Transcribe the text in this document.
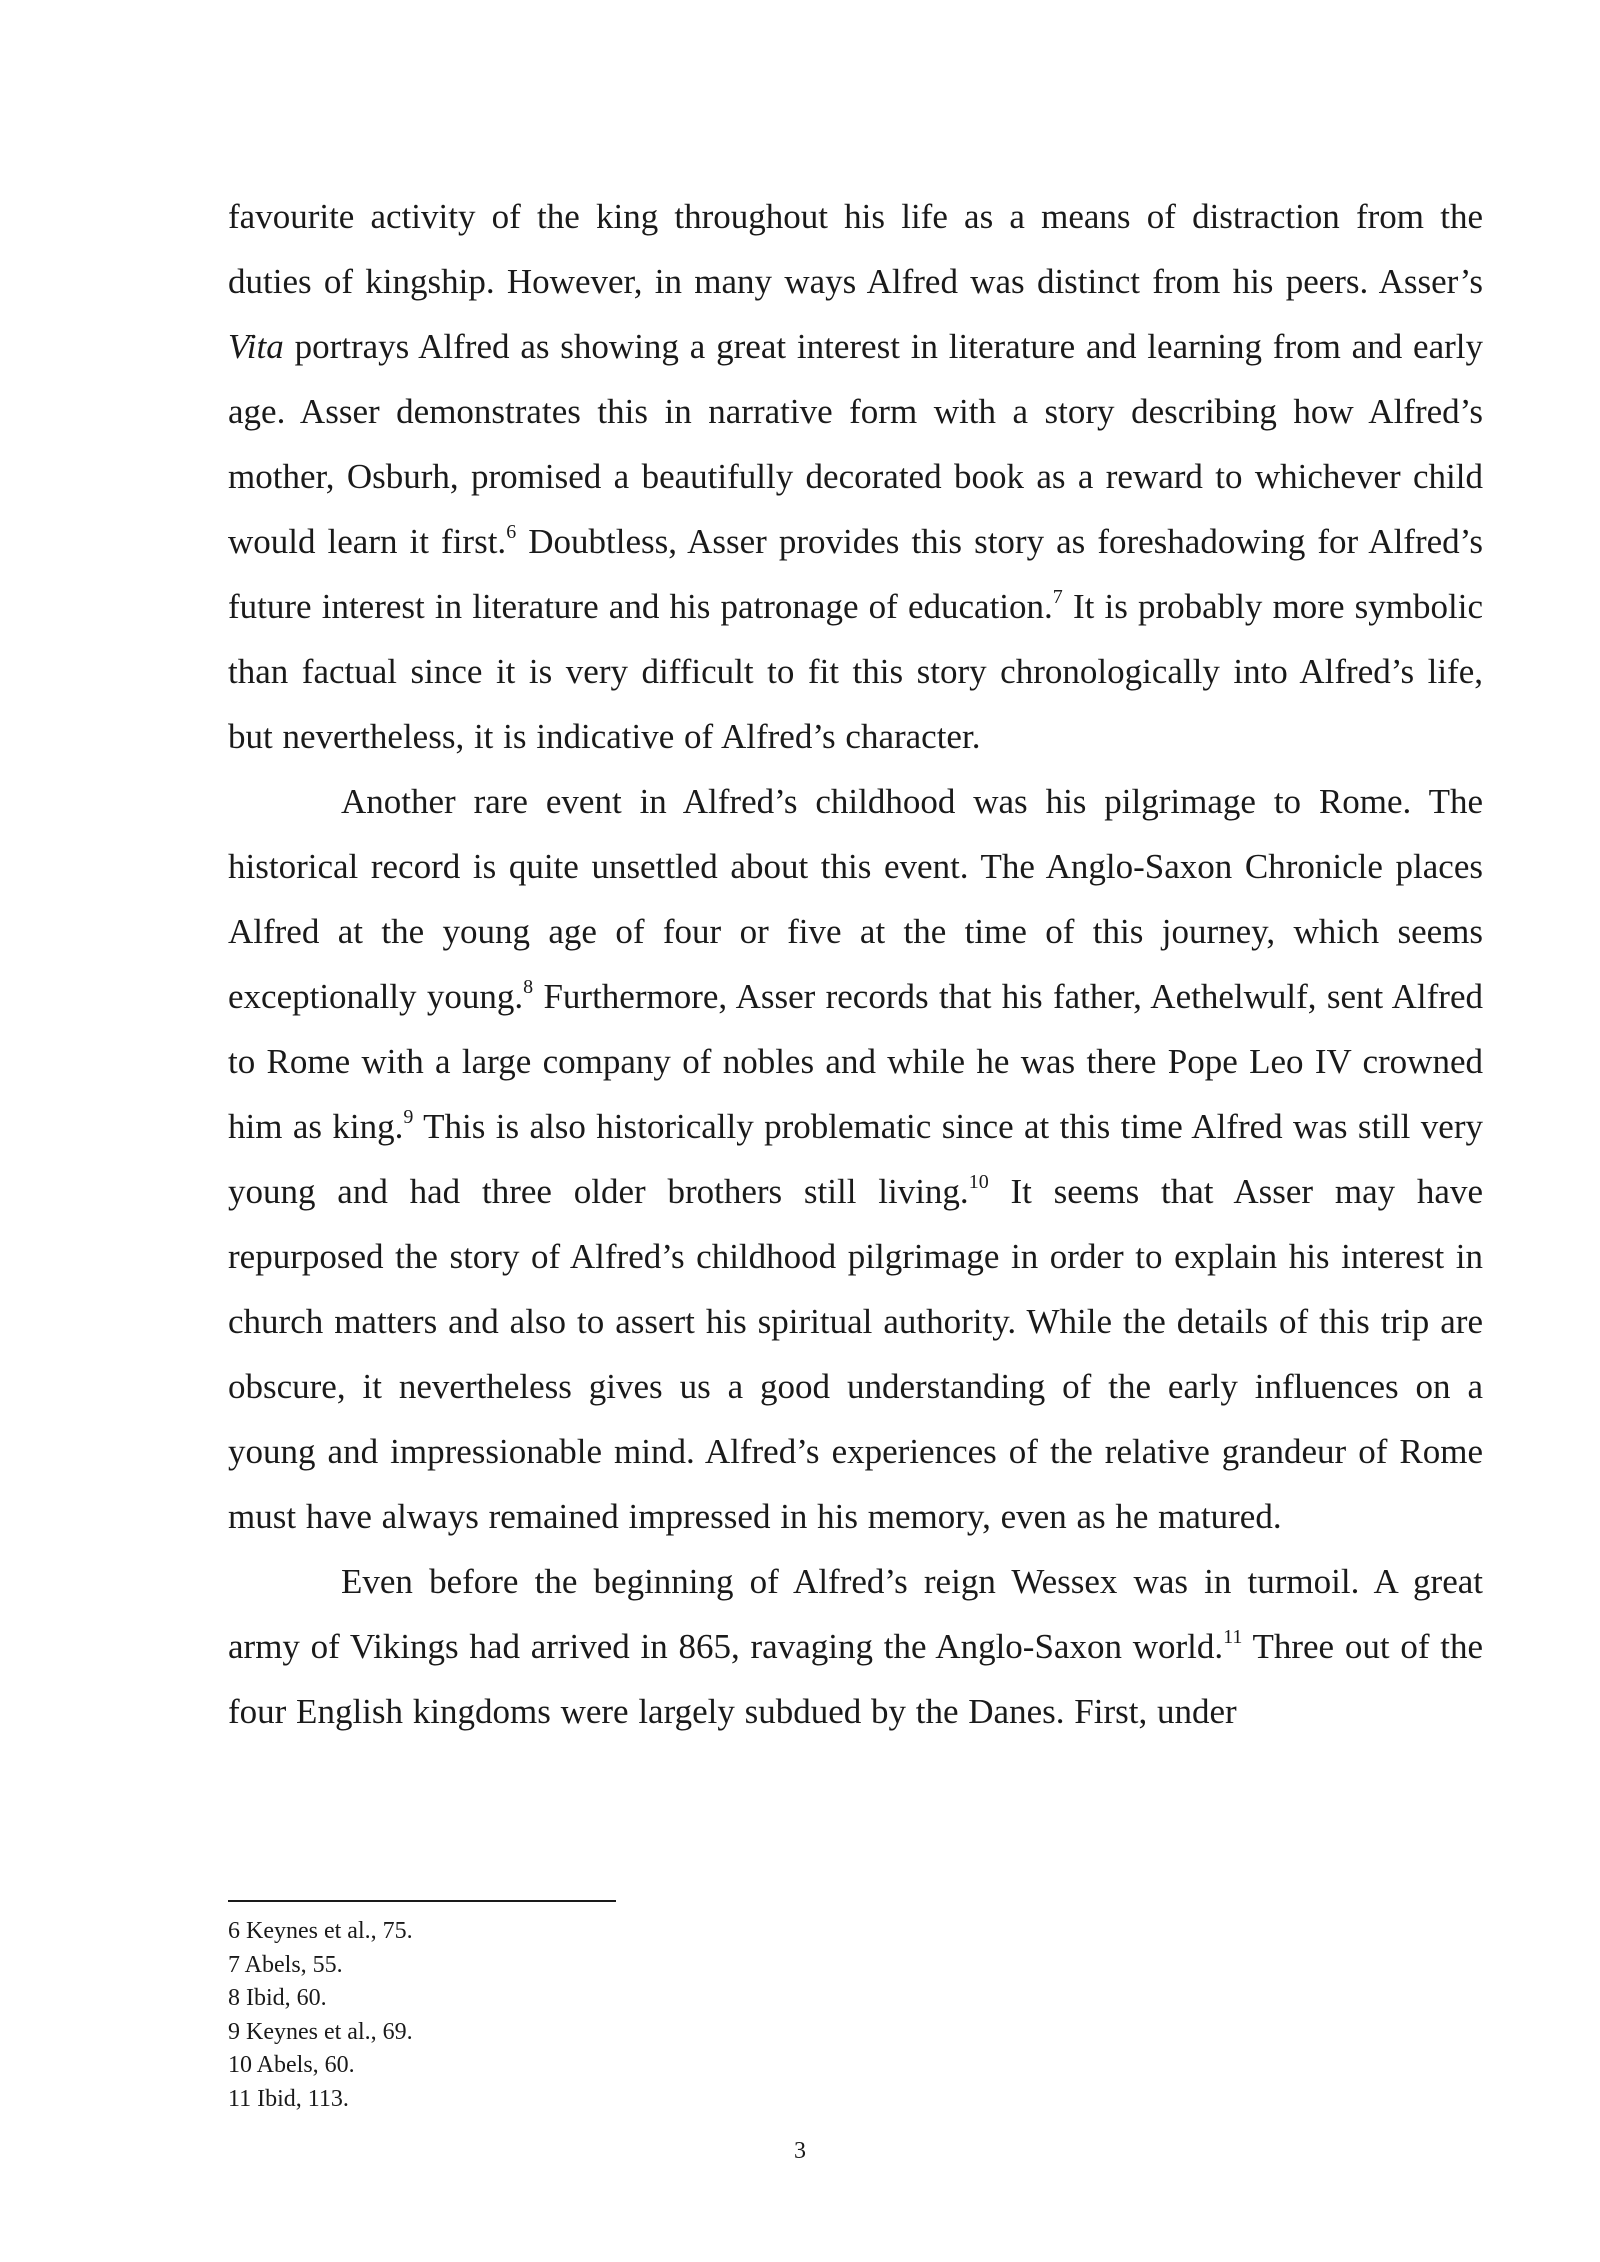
favourite activity of the king throughout his life as a means of distraction from the duties of kingship. However, in many ways Alfred was distinct from his peers. Asser’s Vita portrays Alfred as showing a great interest in literature and learning from and early age. Asser demonstrates this in narrative form with a story describing how Alfred’s mother, Osburh, promised a beautifully decorated book as a reward to whichever child would learn it first.$^6$ Doubtless, Asser provides this story as foreshadowing for Alfred’s future interest in literature and his patronage of education.$^7$ It is probably more symbolic than factual since it is very difficult to fit this story chronologically into Alfred’s life, but nevertheless, it is indicative of Alfred’s character.

Another rare event in Alfred’s childhood was his pilgrimage to Rome. The historical record is quite unsettled about this event. The Anglo-Saxon Chronicle places Alfred at the young age of four or five at the time of this journey, which seems exceptionally young.$^8$ Furthermore, Asser records that his father, Aethelwulf, sent Alfred to Rome with a large company of nobles and while he was there Pope Leo IV crowned him as king.$^9$ This is also historically problematic since at this time Alfred was still very young and had three older brothers still living.$^{10}$ It seems that Asser may have repurposed the story of Alfred’s childhood pilgrimage in order to explain his interest in church matters and also to assert his spiritual authority. While the details of this trip are obscure, it nevertheless gives us a good understanding of the early influences on a young and impressionable mind. Alfred’s experiences of the relative grandeur of Rome must have always remained impressed in his memory, even as he matured.

Even before the beginning of Alfred’s reign Wessex was in turmoil. A great army of Vikings had arrived in 865, ravaging the Anglo-Saxon world.$^{11}$ Three out of the four English kingdoms were largely subdued by the Danes. First, under

6 Keynes et al., 75.
7 Abels, 55.
8 Ibid, 60.
9 Keynes et al., 69.
10 Abels, 60.
11 Ibid, 113.
3
